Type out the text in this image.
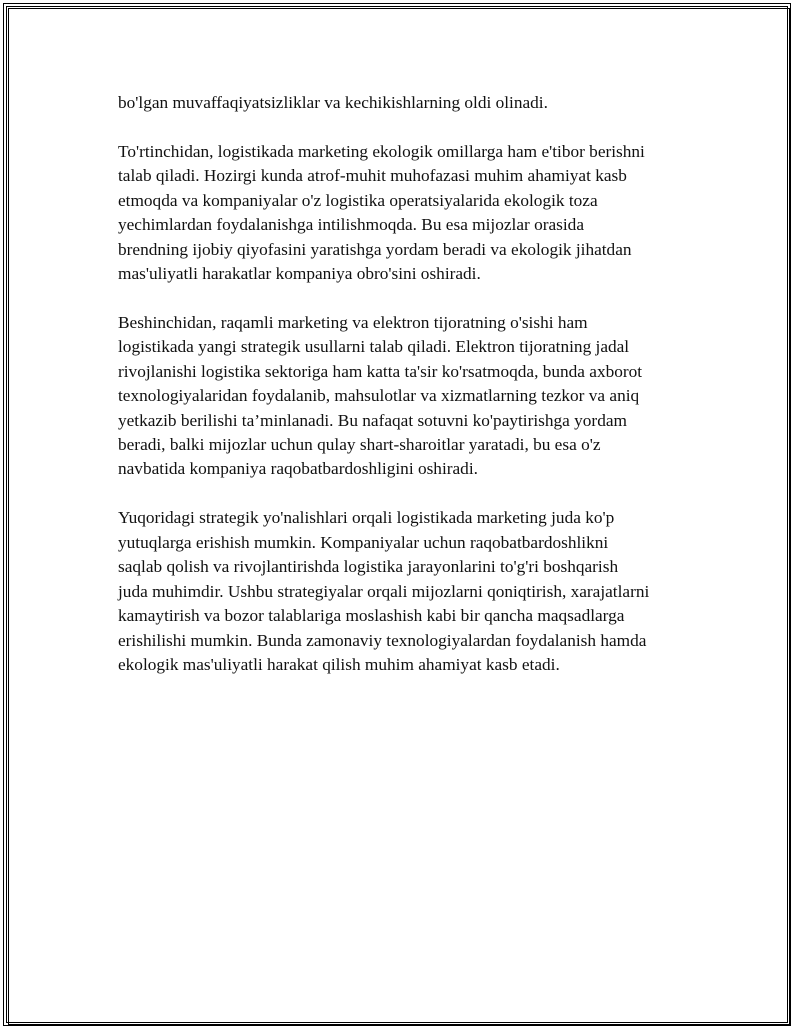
bo'lgan muvaffaqiyatsizliklar va kechikishlarning oldi olinadi.

To'rtinchidan, logistikada marketing ekologik omillarga ham e'tibor berishni
talab qiladi. Hozirgi kunda atrof-muhit muhofazasi muhim ahamiyat kasb
etmoqda va kompaniyalar o'z logistika operatsiyalarida ekologik toza
yechimlardan foydalanishga intilishmoqda. Bu esa mijozlar orasida
brendning ijobiy qiyofasini yaratishga yordam beradi va ekologik jihatdan
mas'uliyatli harakatlar kompaniya obro'sini oshiradi.

Beshinchidan, raqamli marketing va elektron tijoratning o'sishi ham
logistikada yangi strategik usullarni talab qiladi. Elektron tijoratning jadal
rivojlanishi logistika sektoriga ham katta ta'sir ko'rsatmoqda, bunda axborot
texnologiyalaridan foydalanib, mahsulotlar va xizmatlarning tezkor va aniq
yetkazib berilishi ta’minlanadi. Bu nafaqat sotuvni ko'paytirishga yordam
beradi, balki mijozlar uchun qulay shart-sharoitlar yaratadi, bu esa o'z
navbatida kompaniya raqobatbardoshligini oshiradi.

Yuqoridagi strategik yo'nalishlari orqali logistikada marketing juda ko'p
yutuqlarga erishish mumkin. Kompaniyalar uchun raqobatbardoshlikni
saqlab qolish va rivojlantirishda logistika jarayonlarini to'g'ri boshqarish
juda muhimdir. Ushbu strategiyalar orqali mijozlarni qoniqtirish, xarajatlarni
kamaytirish va bozor talablariga moslashish kabi bir qancha maqsadlarga
erishilishi mumkin. Bunda zamonaviy texnologiyalardan foydalanish hamda
ekologik mas'uliyatli harakat qilish muhim ahamiyat kasb etadi.
